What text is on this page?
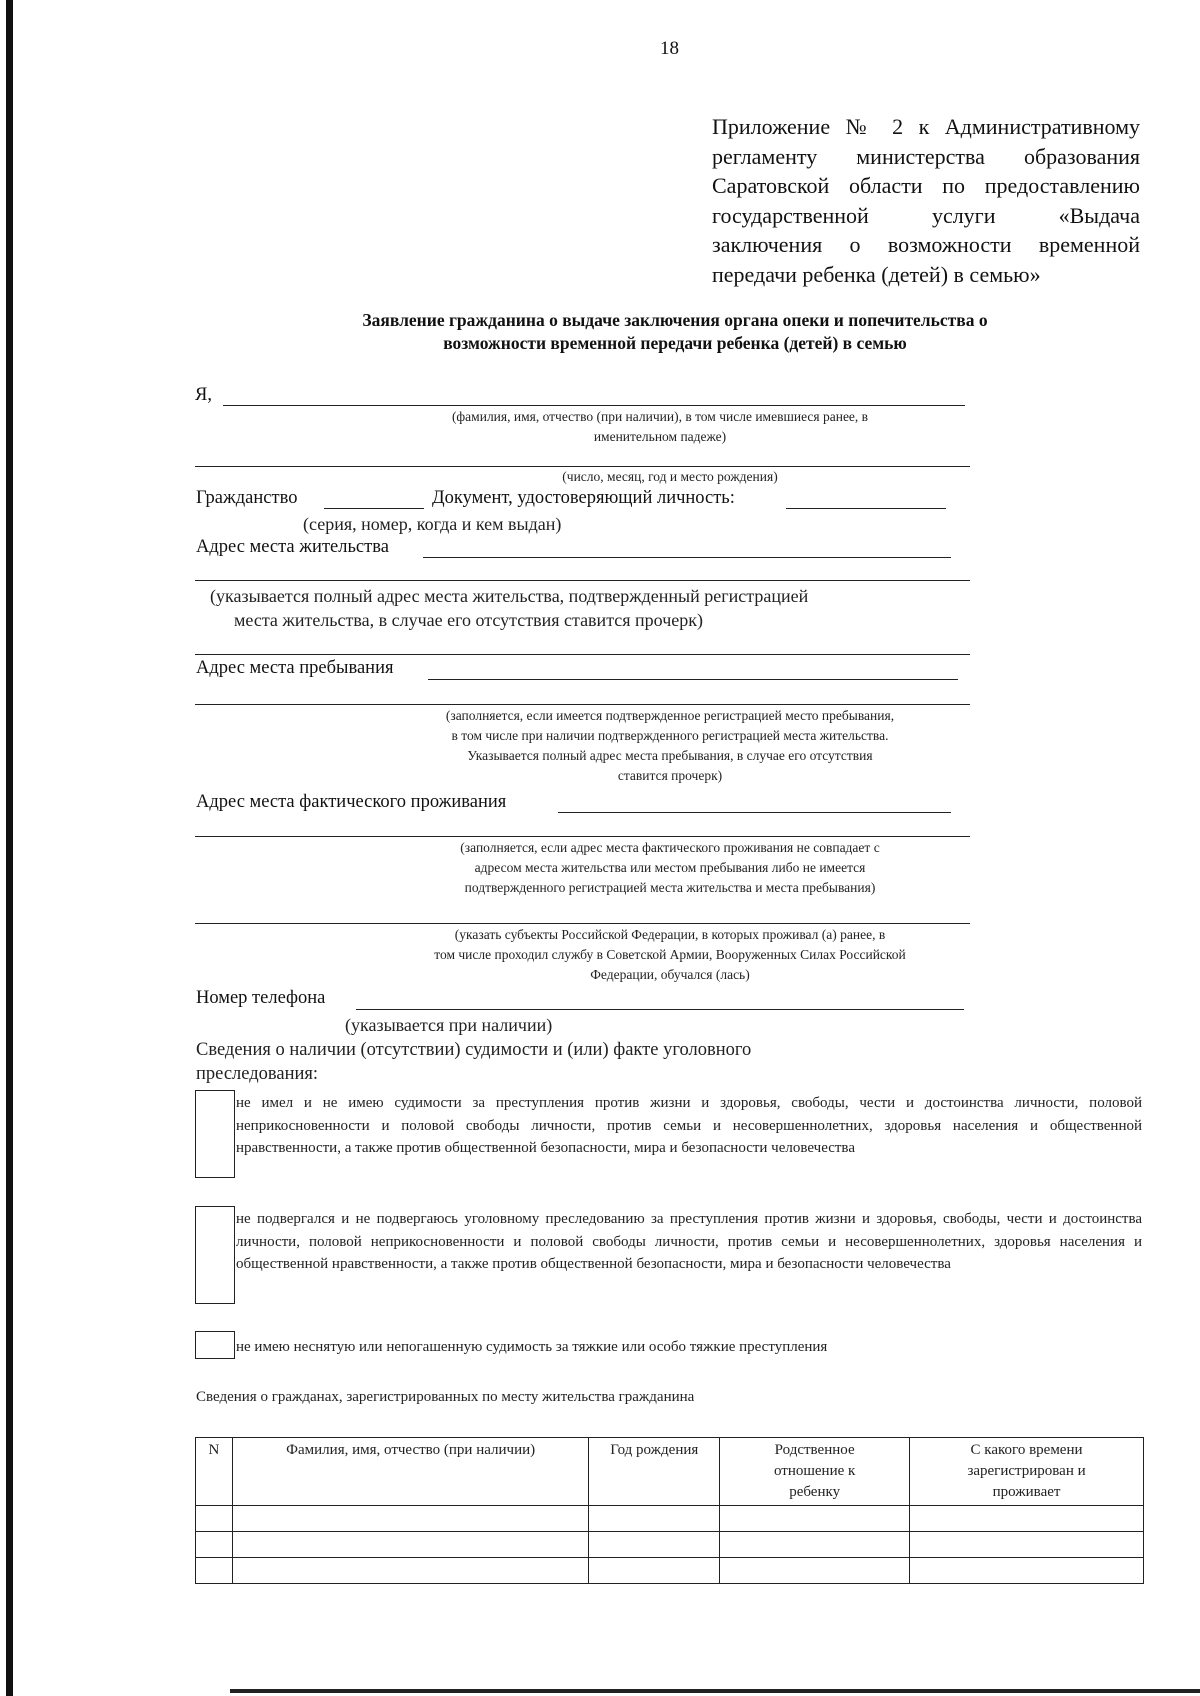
18
Приложение № 2 к Административному
регламенту министерства образования
Саратовской области по предоставлению
государственной услуги «Выдача
заключения о возможности временной
передачи ребенка (детей) в семью»
Заявление гражданина о выдаче заключения органа опеки и попечительства о
возможности временной передачи ребенка (детей) в семью
Я,
(фамилия, имя, отчество (при наличии), в том числе имевшиеся ранее, в
именительном падеже)
(число, месяц, год и место рождения)
Гражданство	Документ, удостоверяющий личность:
(серия, номер, когда и кем выдан)
Адрес места жительства
(указывается полный адрес места жительства, подтвержденный регистрацией
места жительства, в случае его отсутствия ставится прочерк)
Адрес места пребывания
(заполняется, если имеется подтвержденное регистрацией место пребывания,
в том числе при наличии подтвержденного регистрацией места жительства.
Указывается полный адрес места пребывания, в случае его отсутствия
ставится прочерк)
Адрес места фактического проживания
(заполняется, если адрес места фактического проживания не совпадает с
адресом места жительства или местом пребывания либо не имеется
подтвержденного регистрацией места жительства и места пребывания)
(указать субъекты Российской Федерации, в которых проживал (а) ранее, в
том числе проходил службу в Советской Армии, Вооруженных Силах Российской
Федерации, обучался (лась)
Номер телефона
(указывается при наличии)
Сведения о наличии (отсутствии) судимости и (или) факте уголовного
преследования:
не имел и не имею судимости за преступления против жизни и здоровья, свободы, чести и достоинства личности, половой неприкосновенности и половой свободы личности, против семьи и несовершеннолетних, здоровья населения и общественной нравственности, а также против общественной безопасности, мира и безопасности человечества
не подвергался и не подвергаюсь уголовному преследованию за преступления против жизни и здоровья, свободы, чести и достоинства личности, половой неприкосновенности и половой свободы личности, против семьи и несовершеннолетних, здоровья населения и общественной нравственности, а также против общественной безопасности, мира и безопасности человечества
не имею неснятую или непогашенную судимость за тяжкие или особо тяжкие преступления
Сведения о гражданах, зарегистрированных по месту жительства гражданина
N	Фамилия, имя, отчество (при наличии)	Год рождения	Родственное отношение к ребенку	С какого времени зарегистрирован и проживает
